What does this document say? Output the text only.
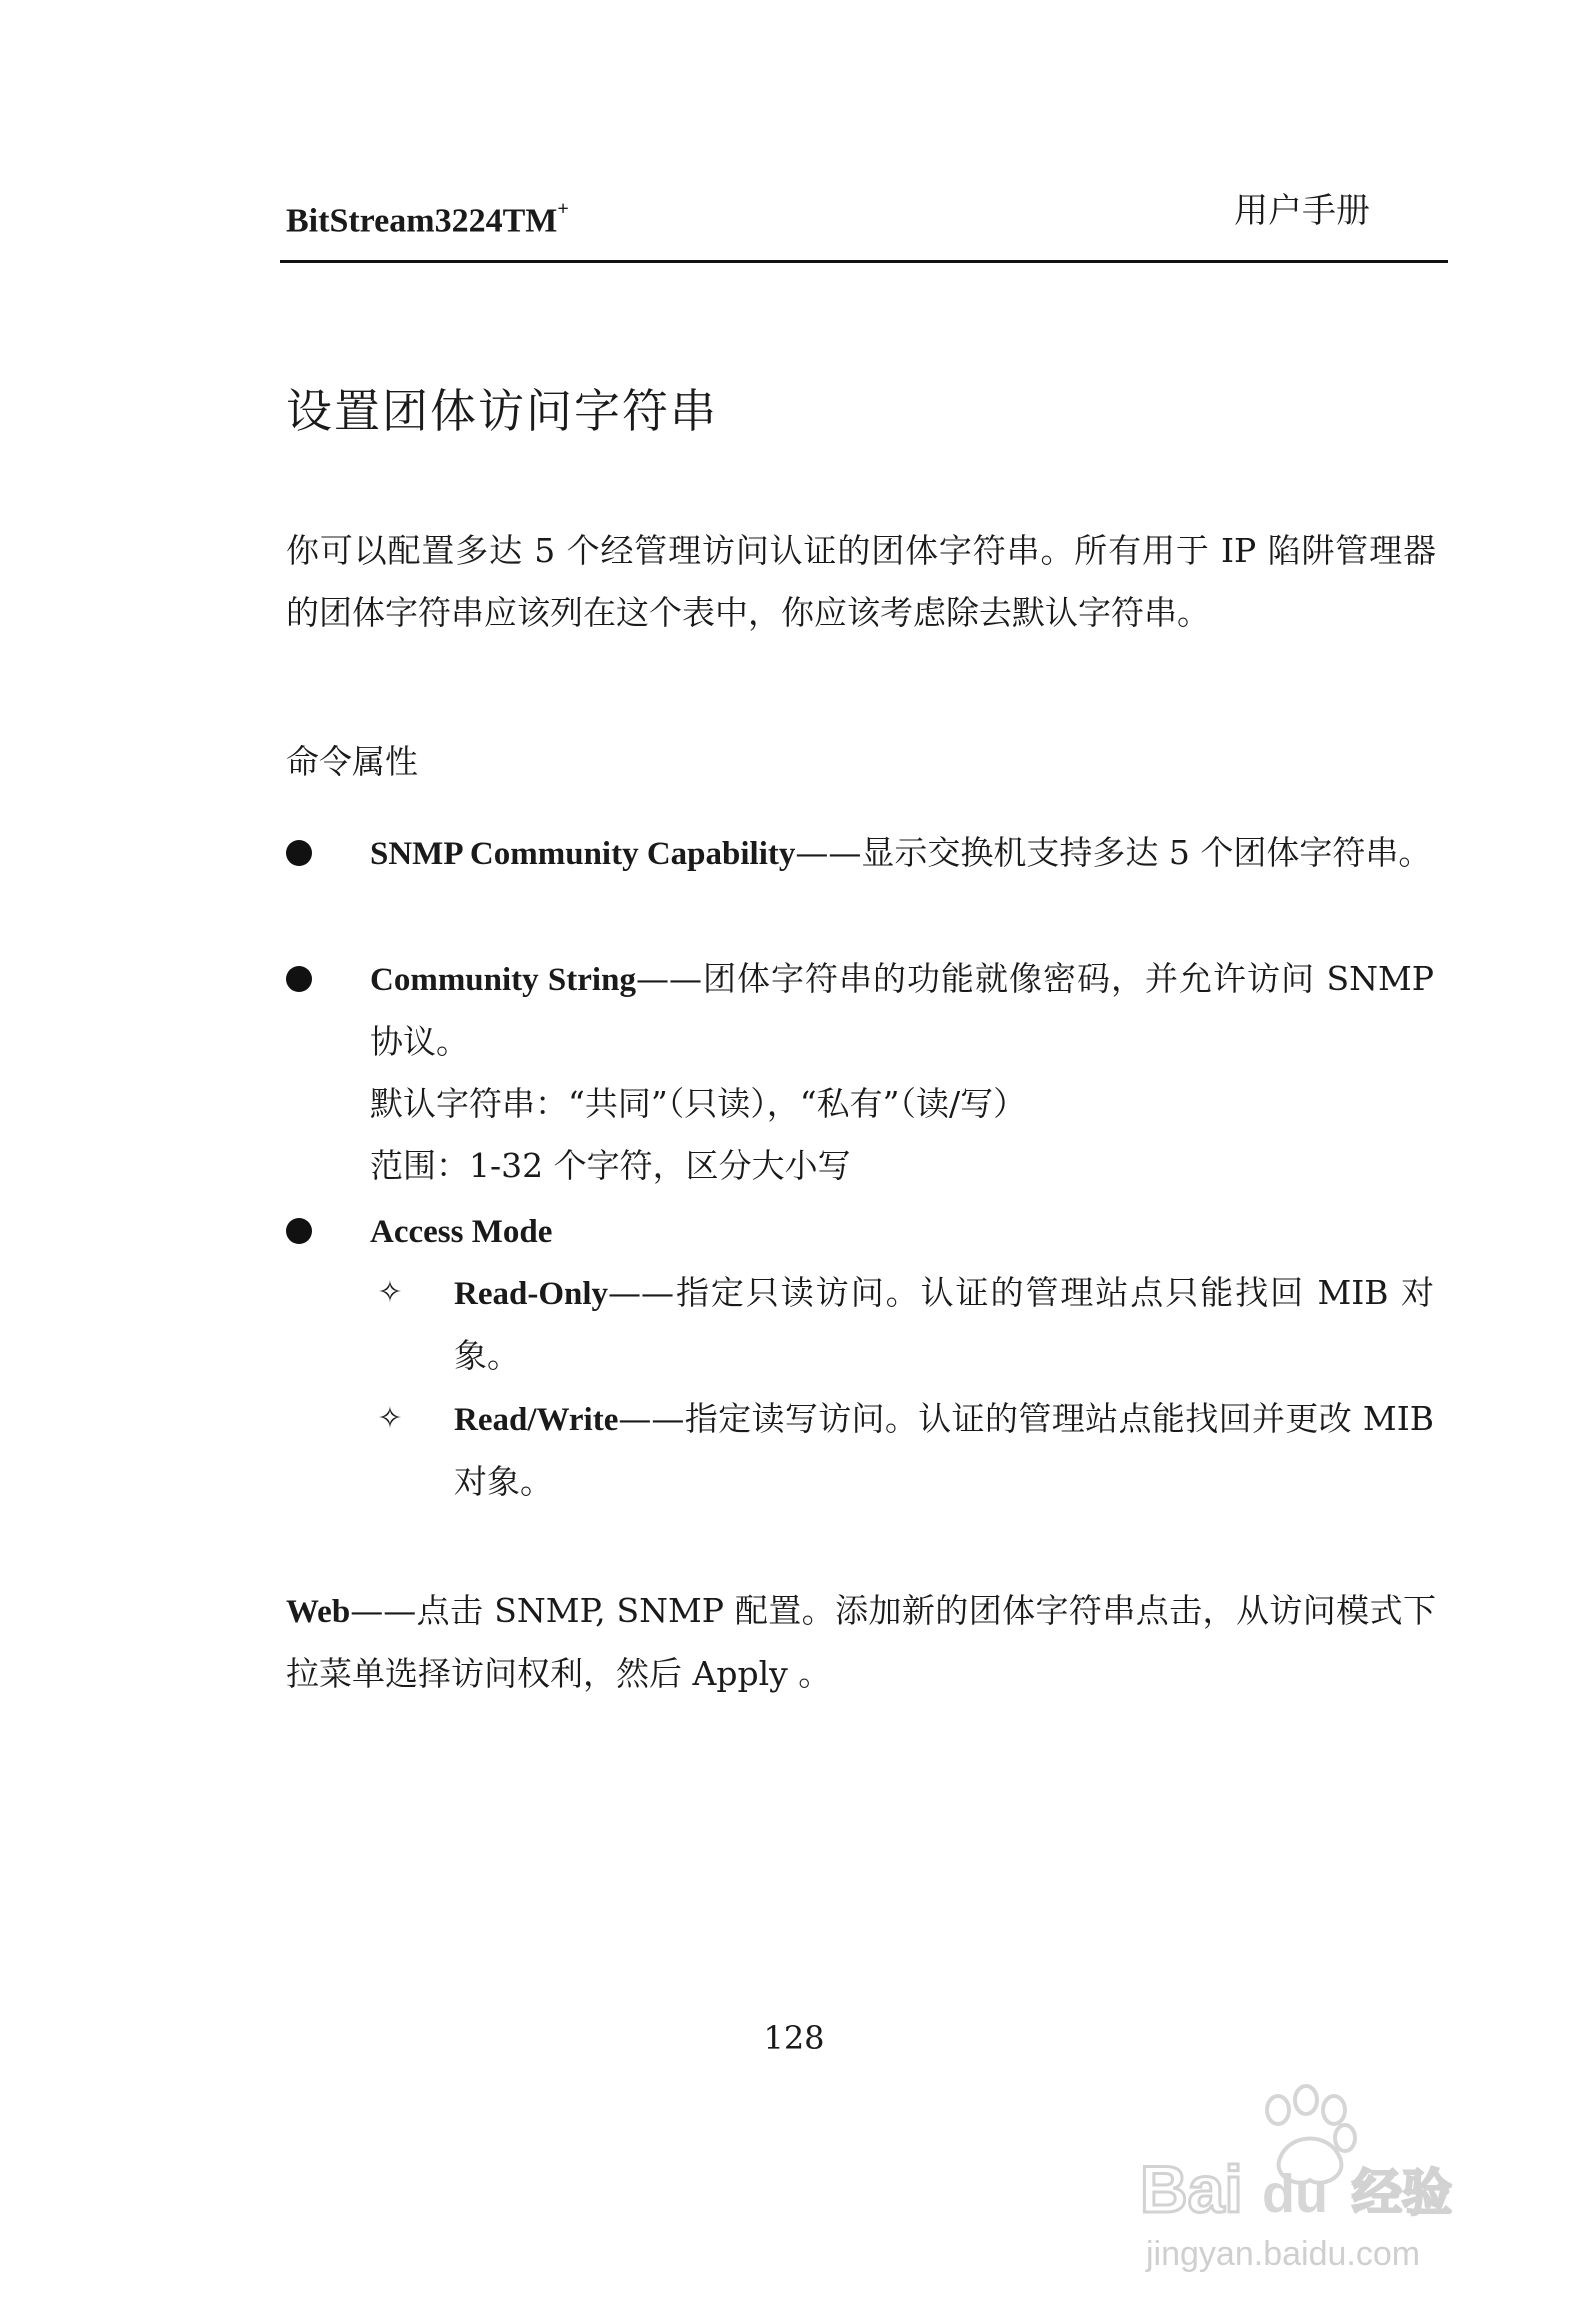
BitStream3224TM+	用户手册
设置团体访问字符串
你可以配置多达 5 个经管理访问认证的团体字符串。所有用于 IP 陷阱管理器的团体字符串应该列在这个表中，你应该考虑除去默认字符串。
命令属性
SNMP Community Capability——显示交换机支持多达 5 个团体字符串。
Community String——团体字符串的功能就像密码，并允许访问 SNMP 协议。
默认字符串：“共同”（只读），“私有”（读/写）
范围：1-32 个字符，区分大小写
Access Mode
✧ Read-Only——指定只读访问。认证的管理站点只能找回 MIB 对象。
✧ Read/Write——指定读写访问。认证的管理站点能找回并更改 MIB 对象。
Web——点击 SNMP, SNMP 配置。添加新的团体字符串点击，从访问模式下拉菜单选择访问权利，然后 Apply 。
128
Bai du 经验
jingyan.baidu.com
